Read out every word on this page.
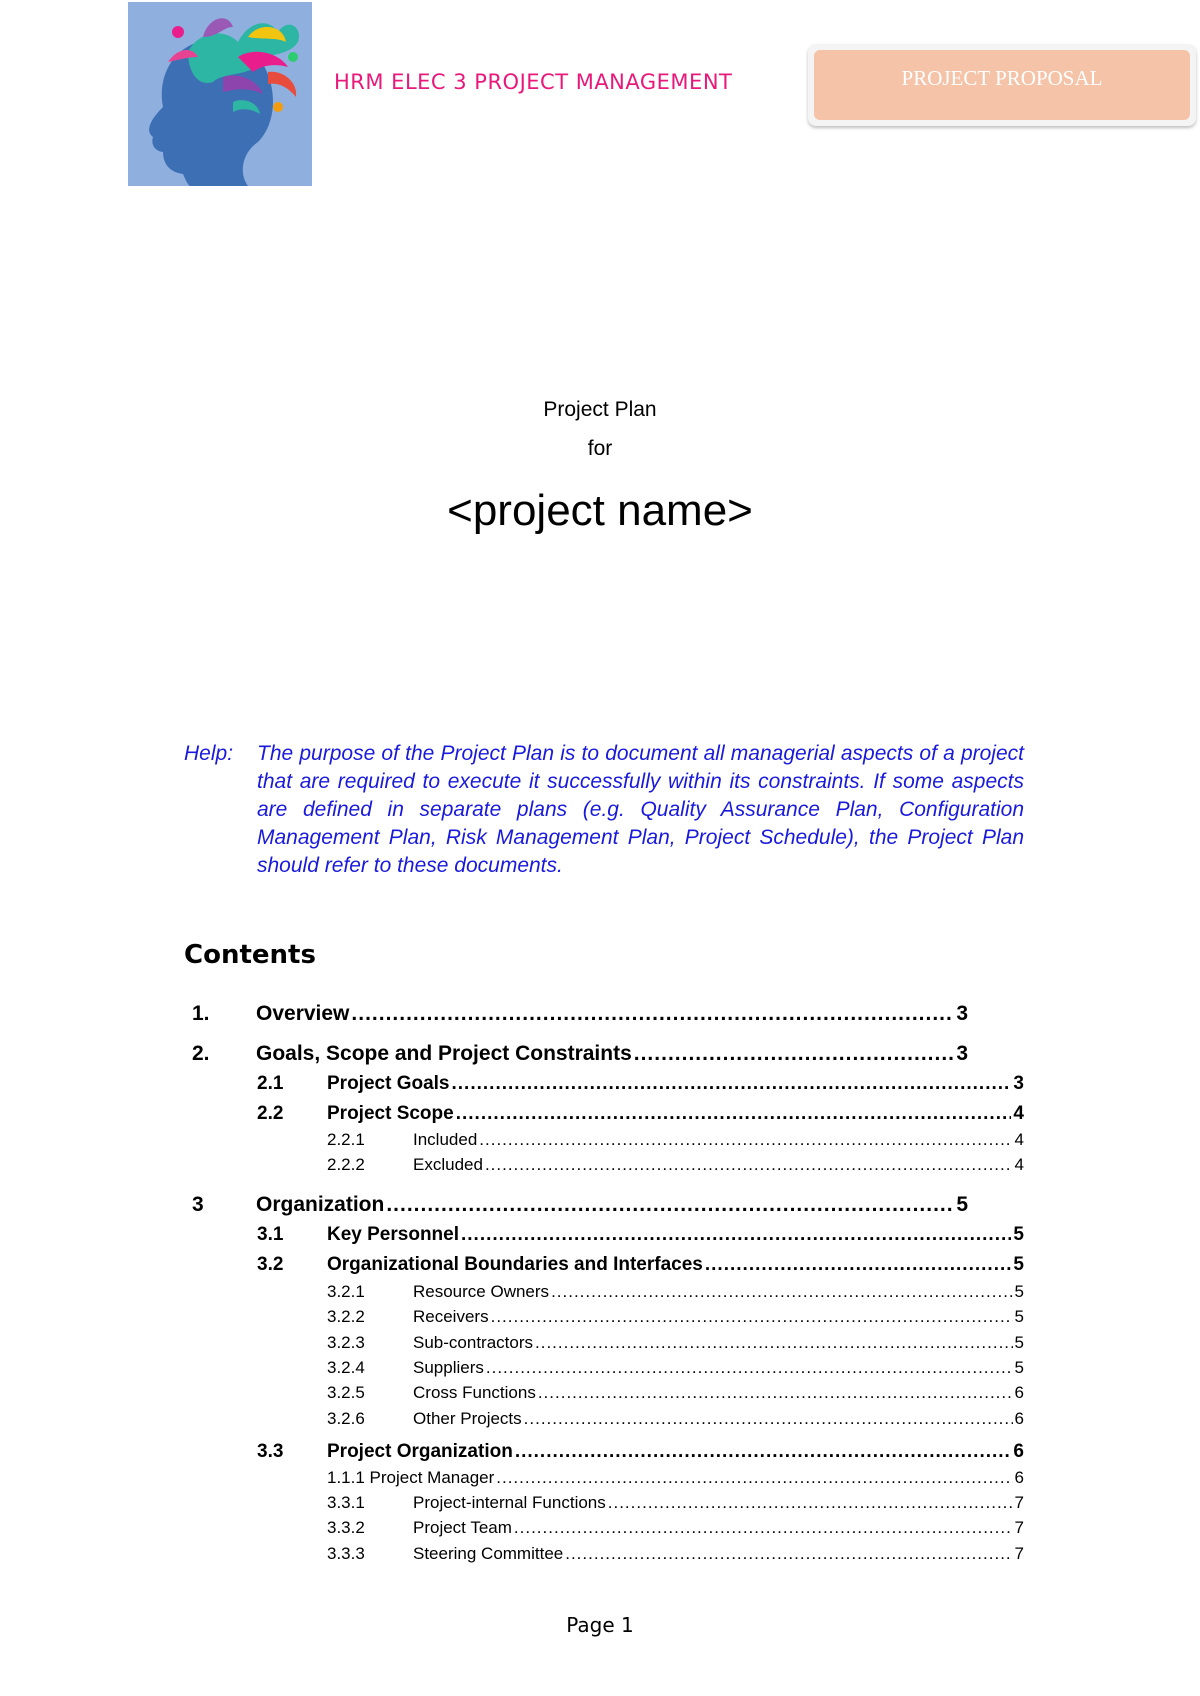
HRM ELEC 3 PROJECT MANAGEMENT	PROJECT PROPOSAL
Project Plan
for
<project name>
Help: The purpose of the Project Plan is to document all managerial aspects of a project that are required to execute it successfully within its constraints. If some aspects are defined in separate plans (e.g. Quality Assurance Plan, Configuration Management Plan, Risk Management Plan, Project Schedule), the Project Plan should refer to these documents.
Contents
1. Overview .....	3
2. Goals, Scope and Project Constraints .....	3
2.1 Project Goals .....	3
2.2 Project Scope .....	4
2.2.1	Included .....	4
2.2.2	Excluded .....	4
3 Organization .....	5
3.1 Key Personnel .....	5
3.2 Organizational Boundaries and Interfaces .....	5
3.2.1	Resource Owners .....	5
3.2.2	Receivers .....	5
3.2.3	Sub-contractors .....	5
3.2.4	Suppliers .....	5
3.2.5	Cross Functions .....	6
3.2.6	Other Projects .....	6
3.3 Project Organization .....	6
1.1.1 Project Manager .....	6
3.3.1	Project-internal Functions .....	7
3.3.2	Project Team .....	7
3.3.3	Steering Committee .....	7
Page 1
